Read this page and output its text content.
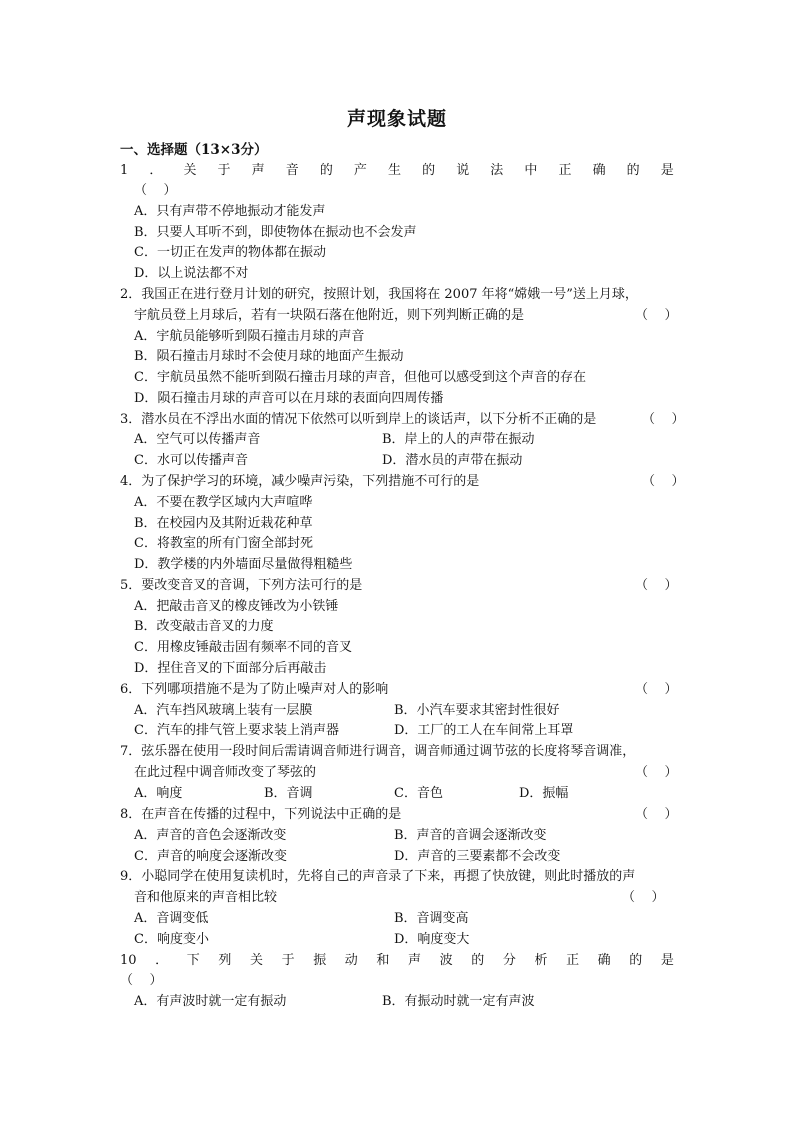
声现象试题
一、选择题（13×3分）
1 ． 关 于 声 音 的 产 生 的 说 法 中 正 确 的 是
（    ）
A．只有声带不停地振动才能发声
B．只要人耳听不到，即使物体在振动也不会发声
C．一切正在发声的物体都在振动
D．以上说法都不对
2．我国正在进行登月计划的研究，按照计划，我国将在 2007 年将“嫦娥一号”送上月球，
宇航员登上月球后，若有一块陨石落在他附近，则下列判断正确的是	（    ）
A．宇航员能够听到陨石撞击月球的声音
B．陨石撞击月球时不会使月球的地面产生振动
C．宇航员虽然不能听到陨石撞击月球的声音，但他可以感受到这个声音的存在
D．陨石撞击月球的声音可以在月球的表面向四周传播
3．潜水员在不浮出水面的情况下依然可以听到岸上的谈话声，以下分析不正确的是	（    ）
A．空气可以传播声音	B．岸上的人的声带在振动
C．水可以传播声音	D．潜水员的声带在振动
4．为了保护学习的环境，减少噪声污染，下列措施不可行的是	（    ）
A．不要在教学区域内大声喧哗
B．在校园内及其附近栽花种草
C．将教室的所有门窗全部封死
D．教学楼的内外墙面尽量做得粗糙些
5．要改变音叉的音调，下列方法可行的是	（    ）
A．把敲击音叉的橡皮锤改为小铁锤
B．改变敲击音叉的力度
C．用橡皮锤敲击固有频率不同的音叉
D．捏住音叉的下面部分后再敲击
6．下列哪项措施不是为了防止噪声对人的影响	（    ）
A．汽车挡风玻璃上装有一层膜	B．小汽车要求其密封性很好
C．汽车的排气管上要求装上消声器	D．工厂的工人在车间常上耳罩
7．弦乐器在使用一段时间后需请调音师进行调音，调音师通过调节弦的长度将琴音调准，
在此过程中调音师改变了琴弦的	（    ）
A．响度	B．音调	C．音色	D．振幅
8．在声音在传播的过程中，下列说法中正确的是	（    ）
A．声音的音色会逐渐改变	B．声音的音调会逐渐改变
C．声音的响度会逐渐改变	D．声音的三要素都不会改变
9．小聪同学在使用复读机时，先将自己的声音录了下来，再摁了快放键，则此时播放的声
音和他原来的声音相比较	（    ）
A．音调变低	B．音调变高
C．响度变小	D．响度变大
10 ． 下 列 关 于 振 动 和 声 波 的 分 析 正 确 的 是
（    ）
A．有声波时就一定有振动	B．有振动时就一定有声波
